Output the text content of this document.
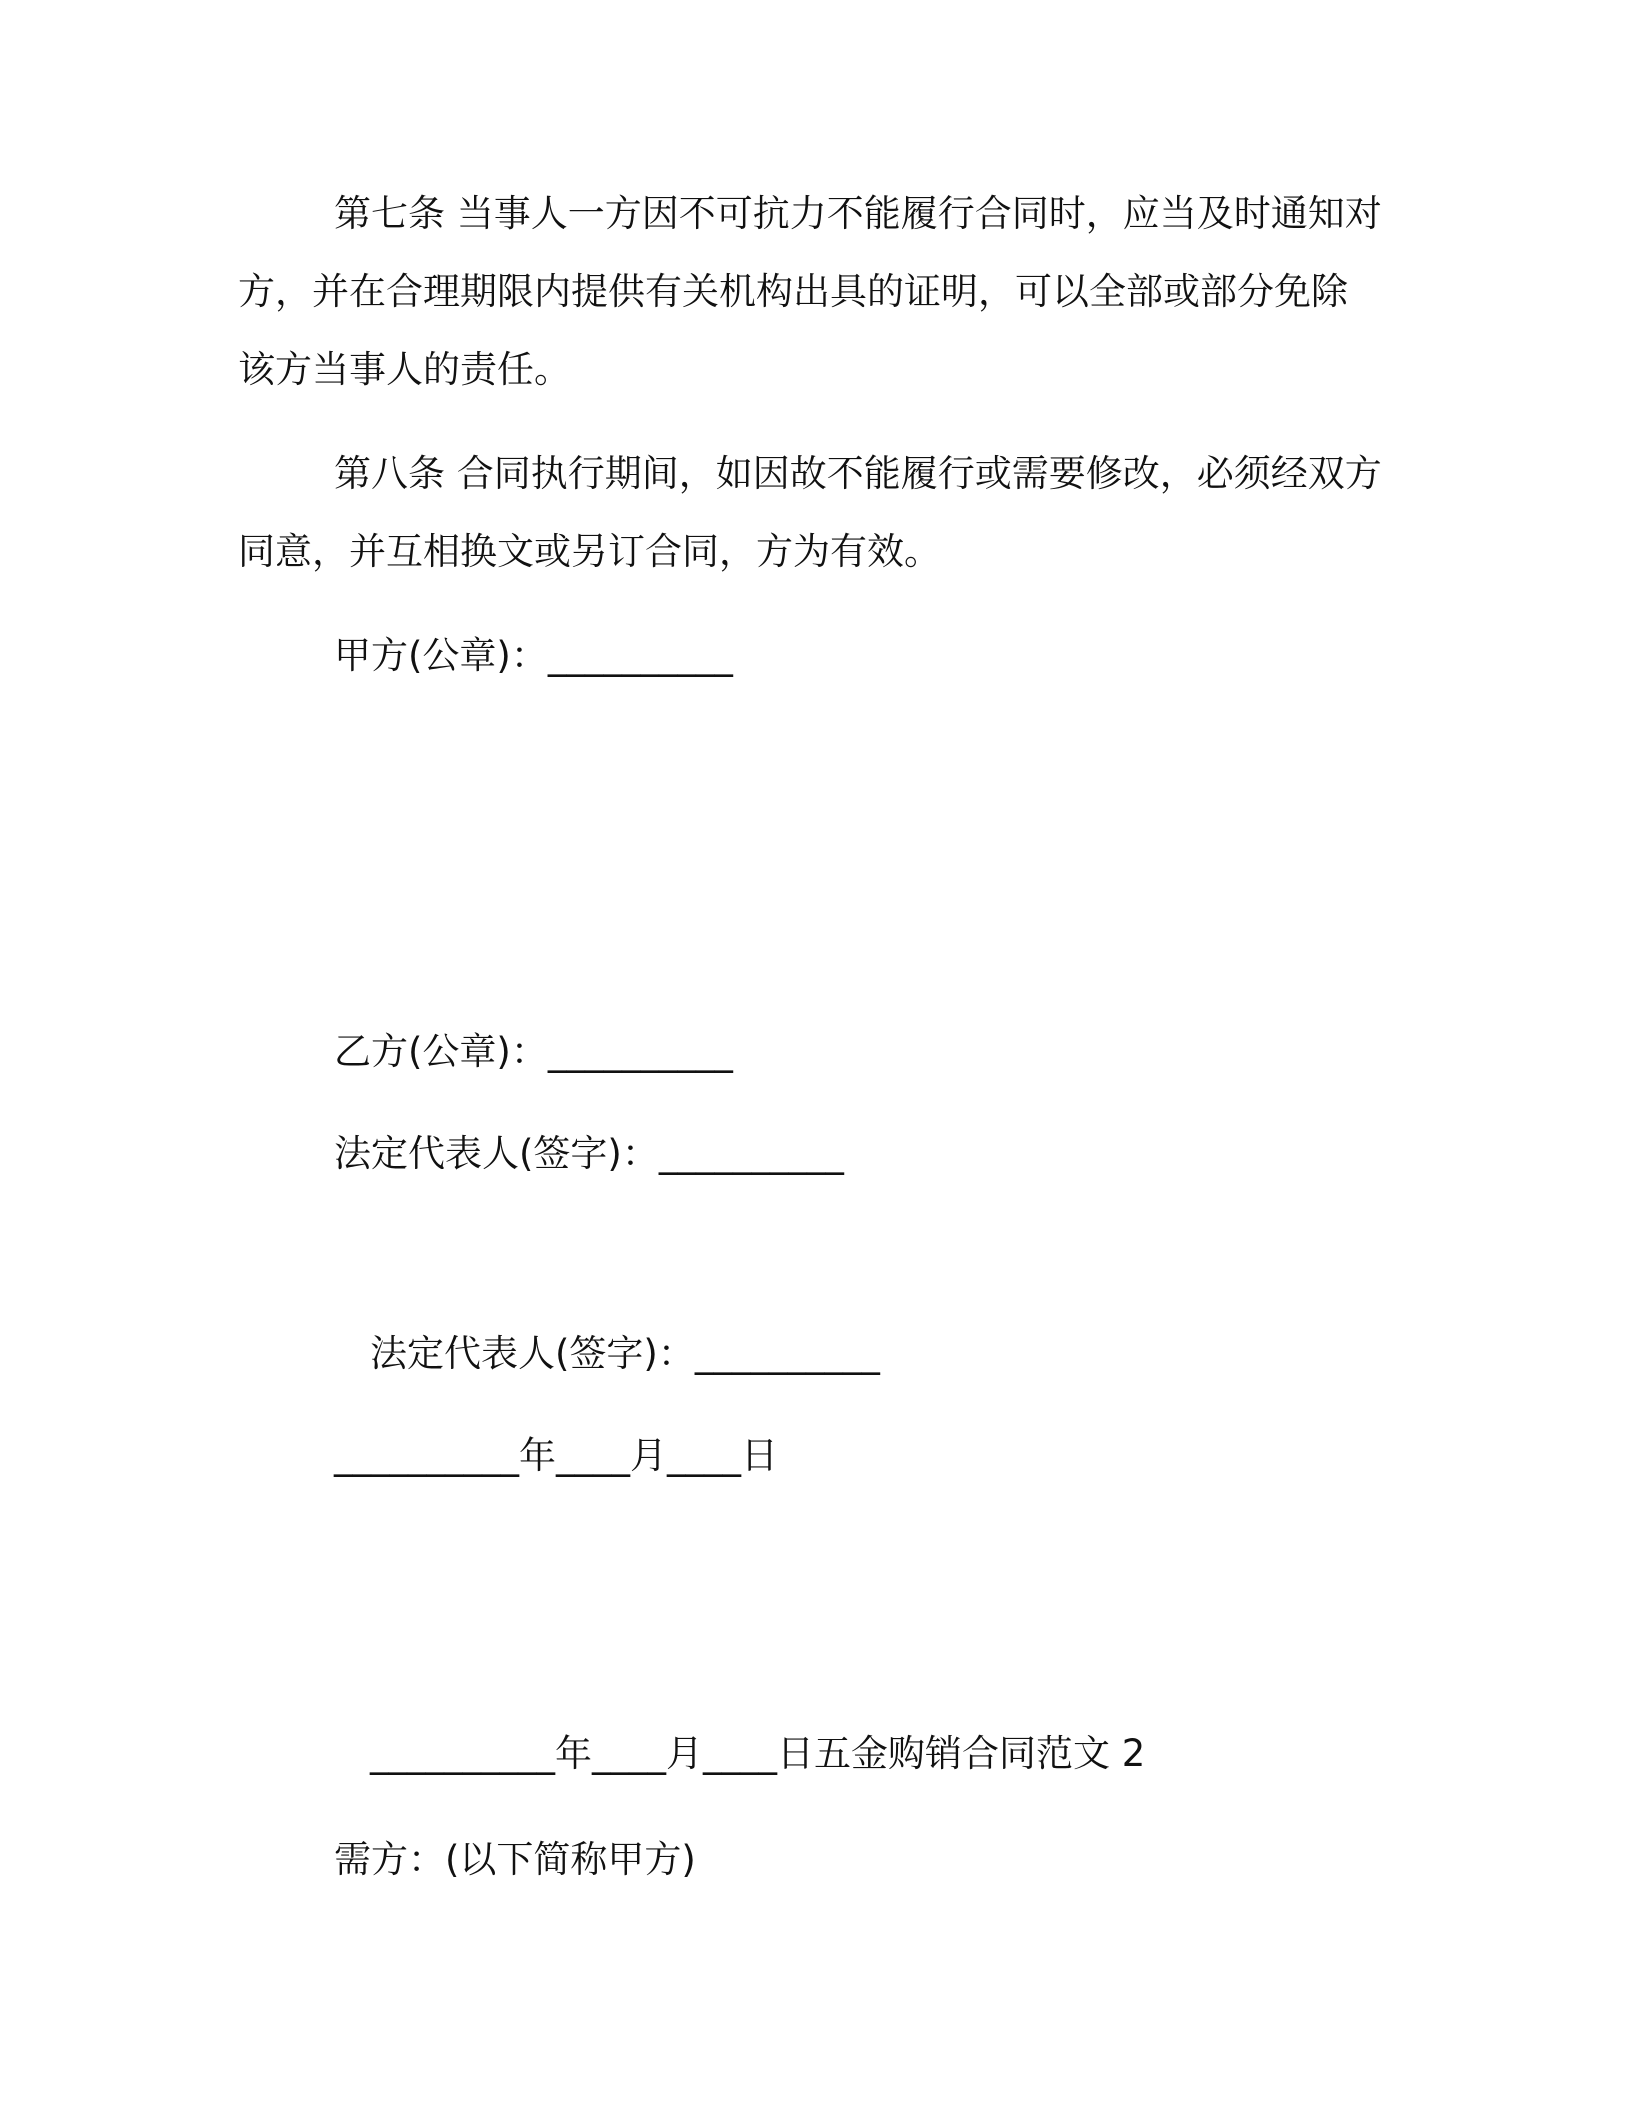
第七条 当事人一方因不可抗力不能履行合同时，应当及时通知对
方，并在合理期限内提供有关机构出具的证明，可以全部或部分免除
该方当事人的责任。
第八条 合同执行期间，如因故不能履行或需要修改，必须经双方
同意，并互相换文或另订合同，方为有效。
甲方(公章)：__________
乙方(公章)：__________
法定代表人(签字)：__________
法定代表人(签字)：__________
__________年____月____日
__________年____月____日五金购销合同范文 2
需方：(以下简称甲方)
